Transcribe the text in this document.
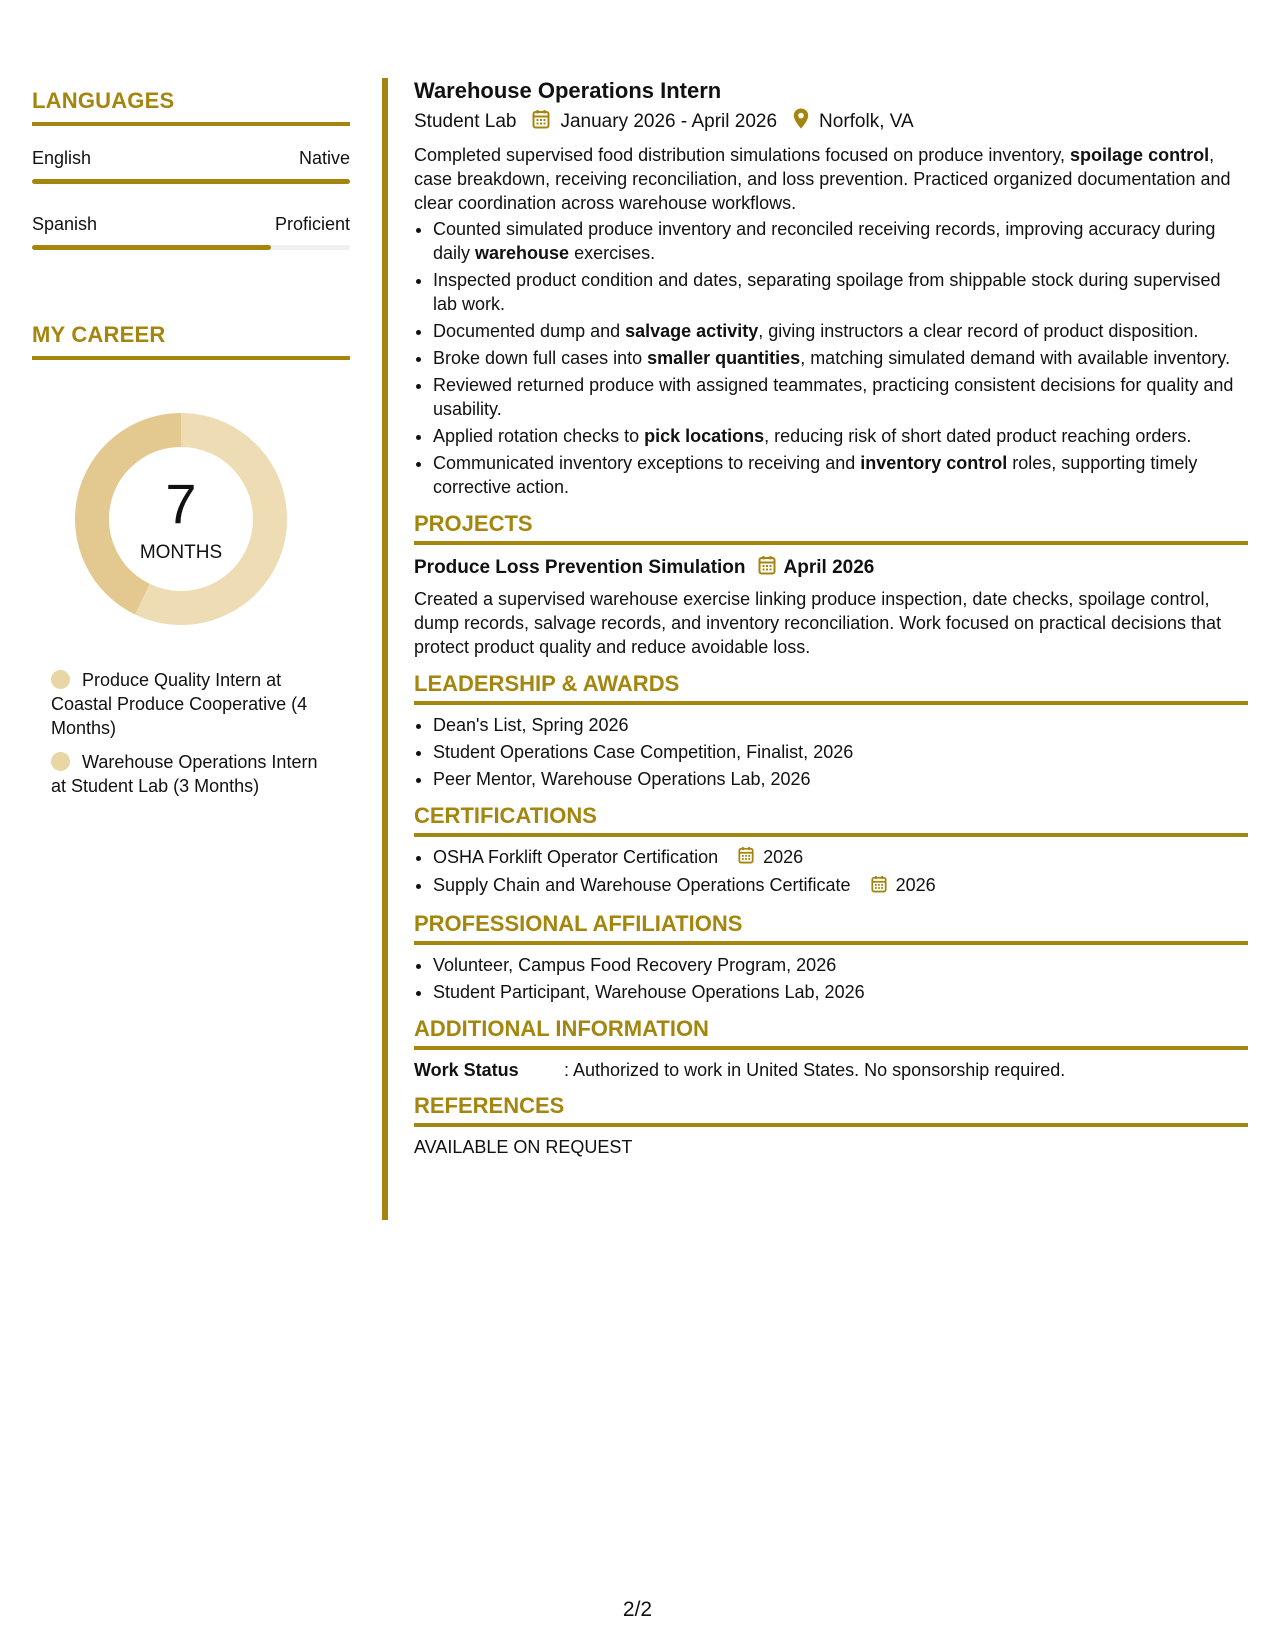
LANGUAGES
English	Native
Spanish	Proficient
MY CAREER
7
MONTHS
Produce Quality Intern at Coastal Produce Cooperative (4 Months)
Warehouse Operations Intern at Student Lab (3 Months)
Warehouse Operations Intern
Student Lab January 2026 - April 2026 Norfolk, VA
Completed supervised food distribution simulations focused on produce inventory, spoilage control, case breakdown, receiving reconciliation, and loss prevention. Practiced organized documentation and clear coordination across warehouse workflows.
• Counted simulated produce inventory and reconciled receiving records, improving accuracy during daily warehouse exercises.
• Inspected product condition and dates, separating spoilage from shippable stock during supervised lab work.
• Documented dump and salvage activity, giving instructors a clear record of product disposition.
• Broke down full cases into smaller quantities, matching simulated demand with available inventory.
• Reviewed returned produce with assigned teammates, practicing consistent decisions for quality and usability.
• Applied rotation checks to pick locations, reducing risk of short dated product reaching orders.
• Communicated inventory exceptions to receiving and inventory control roles, supporting timely corrective action.
PROJECTS
Produce Loss Prevention Simulation April 2026
Created a supervised warehouse exercise linking produce inspection, date checks, spoilage control, dump records, salvage records, and inventory reconciliation. Work focused on practical decisions that protect product quality and reduce avoidable loss.
LEADERSHIP & AWARDS
• Dean's List, Spring 2026
• Student Operations Case Competition, Finalist, 2026
• Peer Mentor, Warehouse Operations Lab, 2026
CERTIFICATIONS
• OSHA Forklift Operator Certification	2026
• Supply Chain and Warehouse Operations Certificate	2026
PROFESSIONAL AFFILIATIONS
• Volunteer, Campus Food Recovery Program, 2026
• Student Participant, Warehouse Operations Lab, 2026
ADDITIONAL INFORMATION
Work Status	: Authorized to work in United States. No sponsorship required.
REFERENCES
AVAILABLE ON REQUEST
2/2
